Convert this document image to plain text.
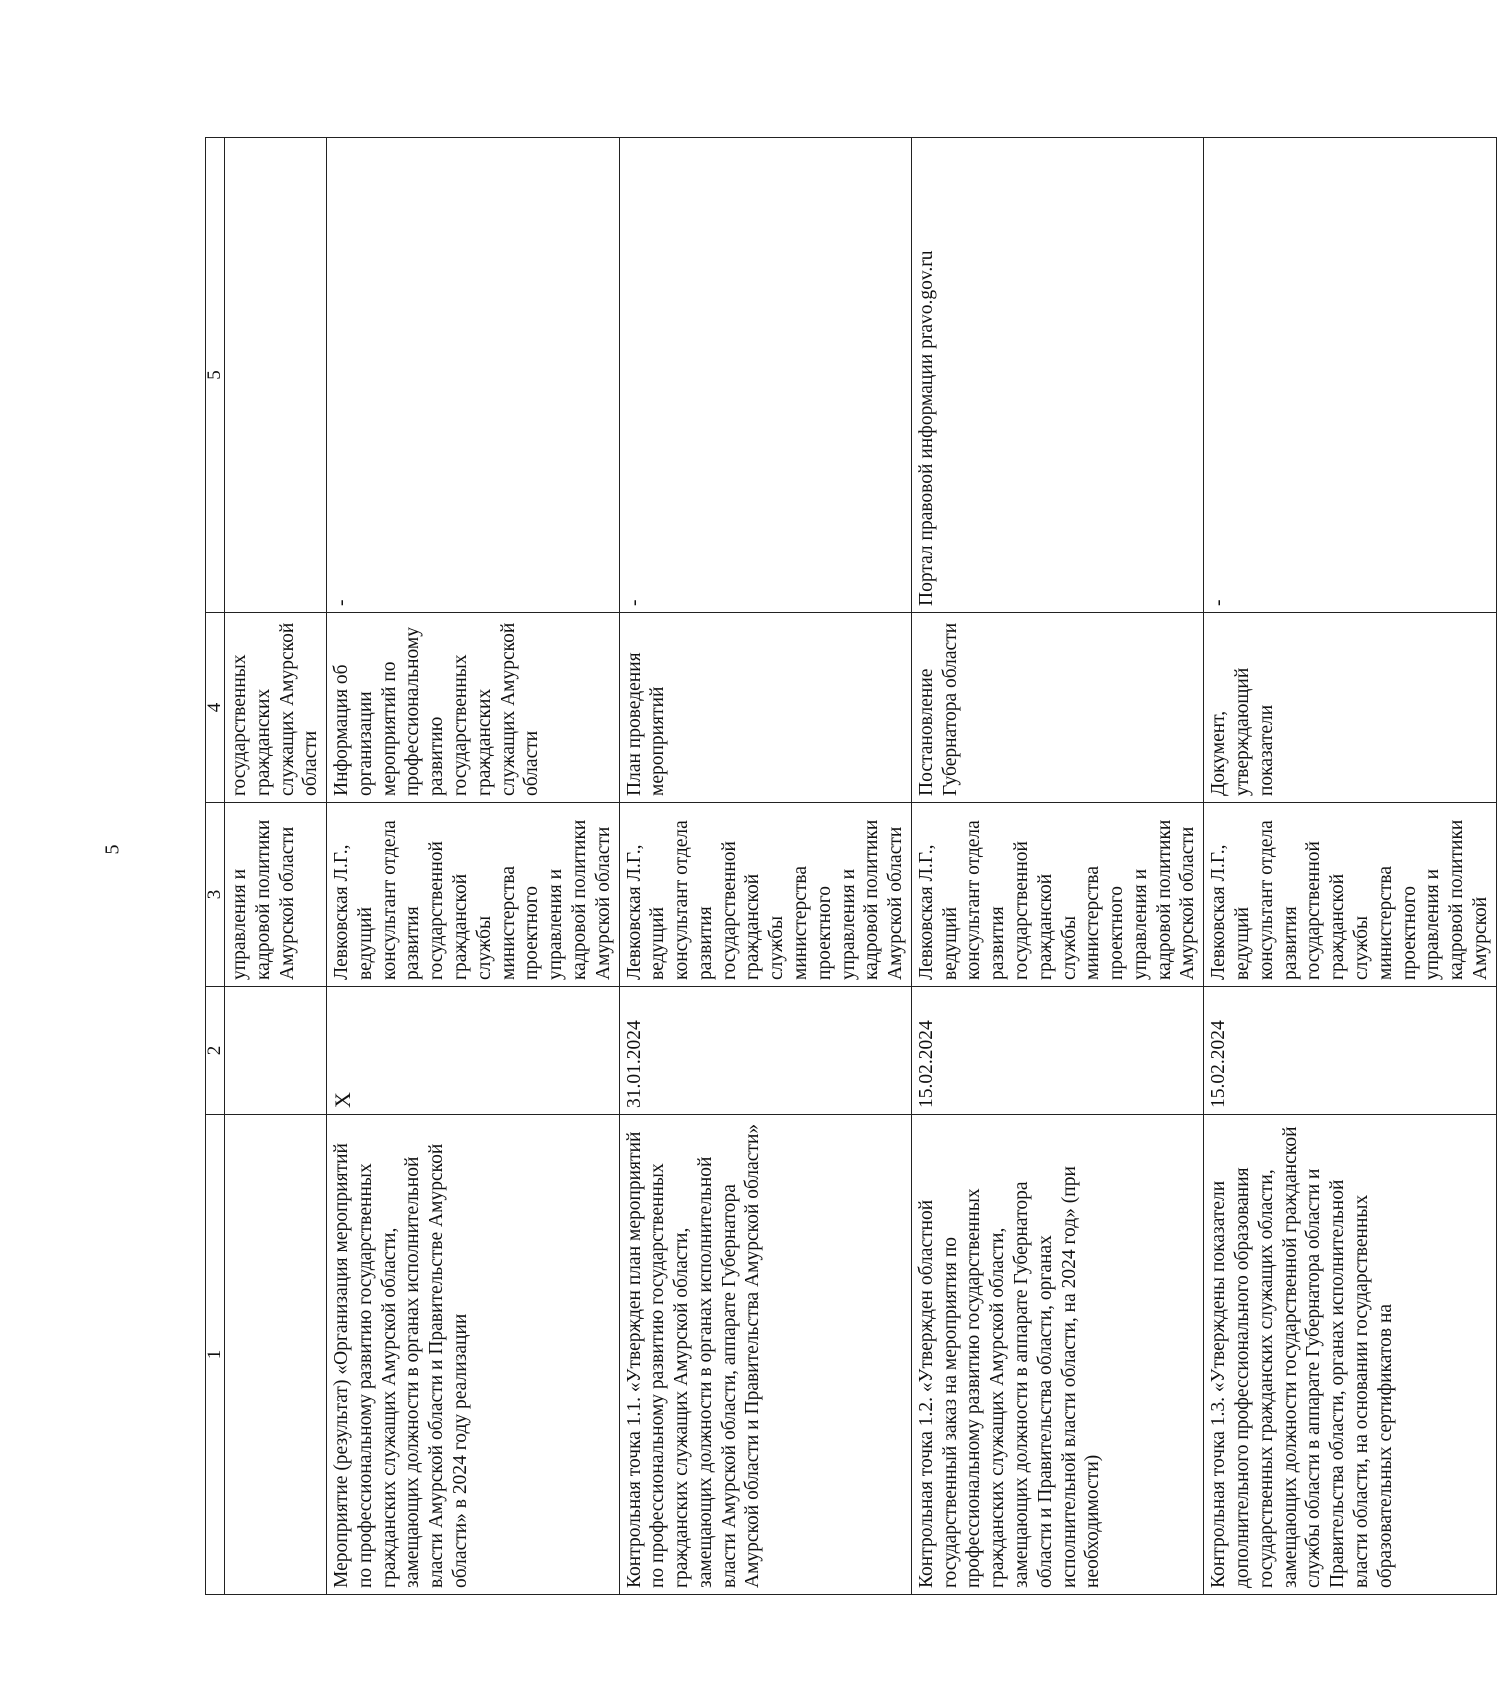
5
1	2	3	4	5
		управления и кадровой политики Амурской области	государственных гражданских служащих Амурской области	
Мероприятие (результат) «Организация мероприятий по профессиональному развитию государственных гражданских служащих Амурской области, замещающих должности в органах исполнительной власти Амурской области и Правительстве Амурской области» в 2024 году реализации	X	Левковская Л.Г., ведущий консультант отдела развития государственной гражданской службы министерства проектного управления и кадровой политики Амурской области	Информация об организации мероприятий по профессиональному развитию государственных гражданских служащих Амурской области	-
Контрольная точка 1.1. «Утвержден план мероприятий по профессиональному развитию государственных гражданских служащих Амурской области, замещающих должности в органах исполнительной власти Амурской области, аппарате Губернатора Амурской области и Правительства Амурской области»	31.01.2024	Левковская Л.Г., ведущий консультант отдела развития государственной гражданской службы министерства проектного управления и кадровой политики Амурской области	План проведения мероприятий	-
Контрольная точка 1.2. «Утвержден областной государственный заказ на мероприятия по профессиональному развитию государственных гражданских служащих Амурской области, замещающих должности в аппарате Губернатора области и Правительства области, органах исполнительной власти области, на 2024 год» (при необходимости)	15.02.2024	Левковская Л.Г., ведущий консультант отдела развития государственной гражданской службы министерства проектного управления и кадровой политики Амурской области	Постановление Губернатора области	Портал правовой информации pravo.gov.ru
Контрольная точка 1.3. «Утверждены показатели дополнительного профессионального образования государственных гражданских служащих области, замещающих должности государственной гражданской службы области в аппарате Губернатора области и Правительства области, органах исполнительной власти области, на основании государственных образовательных сертификатов на	15.02.2024	Левковская Л.Г., ведущий консультант отдела развития государственной гражданской службы министерства проектного управления и кадровой политики Амурской	Документ, утверждающий показатели	-
